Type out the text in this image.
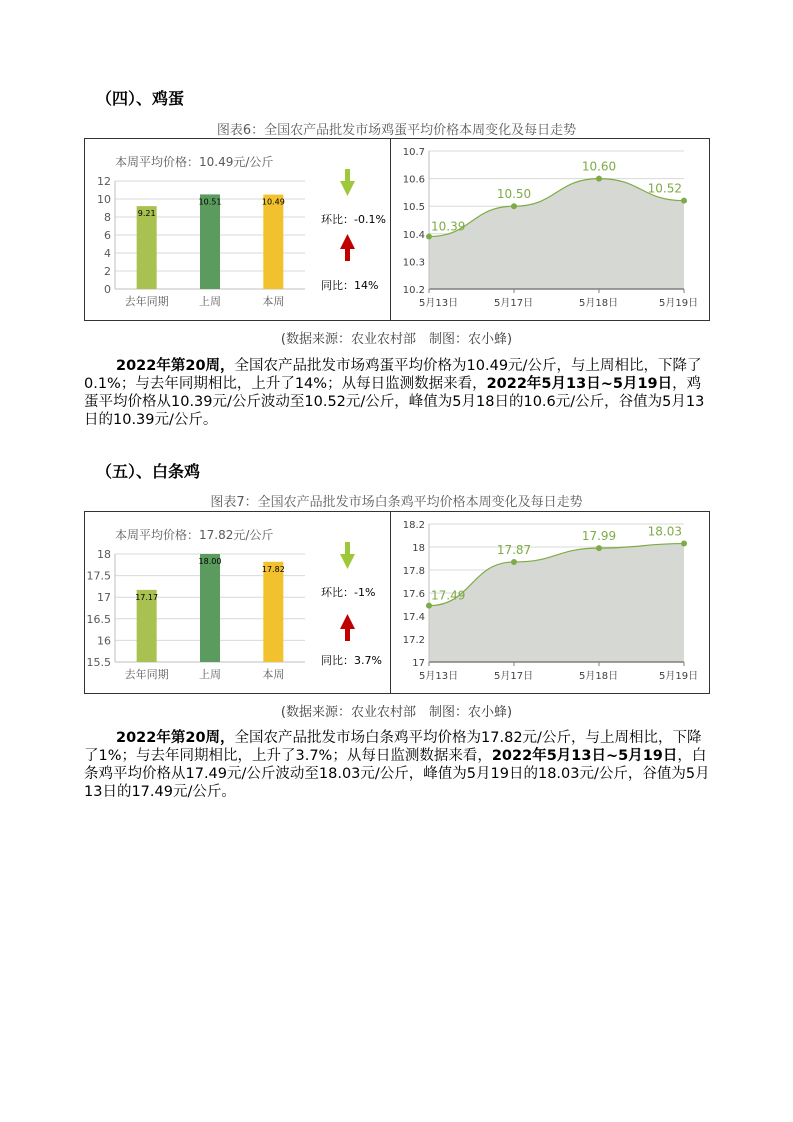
（四）、鸡蛋
图表6：全国农产品批发市场鸡蛋平均价格本周变化及每日走势
本周平均价格：10.49元/公斤
环比：-0.1%
同比：14%
0
2
4
6
8
10
12
9.21
去年同期
10.51
上周
10.49
本周
10.2
10.3
10.4
10.5
10.6
10.7
10.39
5月13日
10.50
5月17日
10.60
5月18日
10.52
5月19日
(数据来源：农业农村部　制图：农小蜂)
2022年第20周，全国农产品批发市场鸡蛋平均价格为10.49元/公斤，与上周相比，下降了0.1%；与去年同期相比，上升了14%；从每日监测数据来看，2022年5月13日~5月19日，鸡蛋平均价格从10.39元/公斤波动至10.52元/公斤，峰值为5月18日的10.6元/公斤，谷值为5月13日的10.39元/公斤。
（五）、白条鸡
图表7：全国农产品批发市场白条鸡平均价格本周变化及每日走势
本周平均价格：17.82元/公斤
环比：-1%
同比：3.7%
15.5
16
16.5
17
17.5
18
17.17
去年同期
18.00
上周
17.82
本周
17
17.2
17.4
17.6
17.8
18
18.2
17.49
5月13日
17.87
5月17日
17.99
5月18日
18.03
5月19日
(数据来源：农业农村部　制图：农小蜂)
2022年第20周，全国农产品批发市场白条鸡平均价格为17.82元/公斤，与上周相比，下降了1%；与去年同期相比，上升了3.7%；从每日监测数据来看，2022年5月13日~5月19日，白条鸡平均价格从17.49元/公斤波动至18.03元/公斤，峰值为5月19日的18.03元/公斤，谷值为5月13日的17.49元/公斤。
